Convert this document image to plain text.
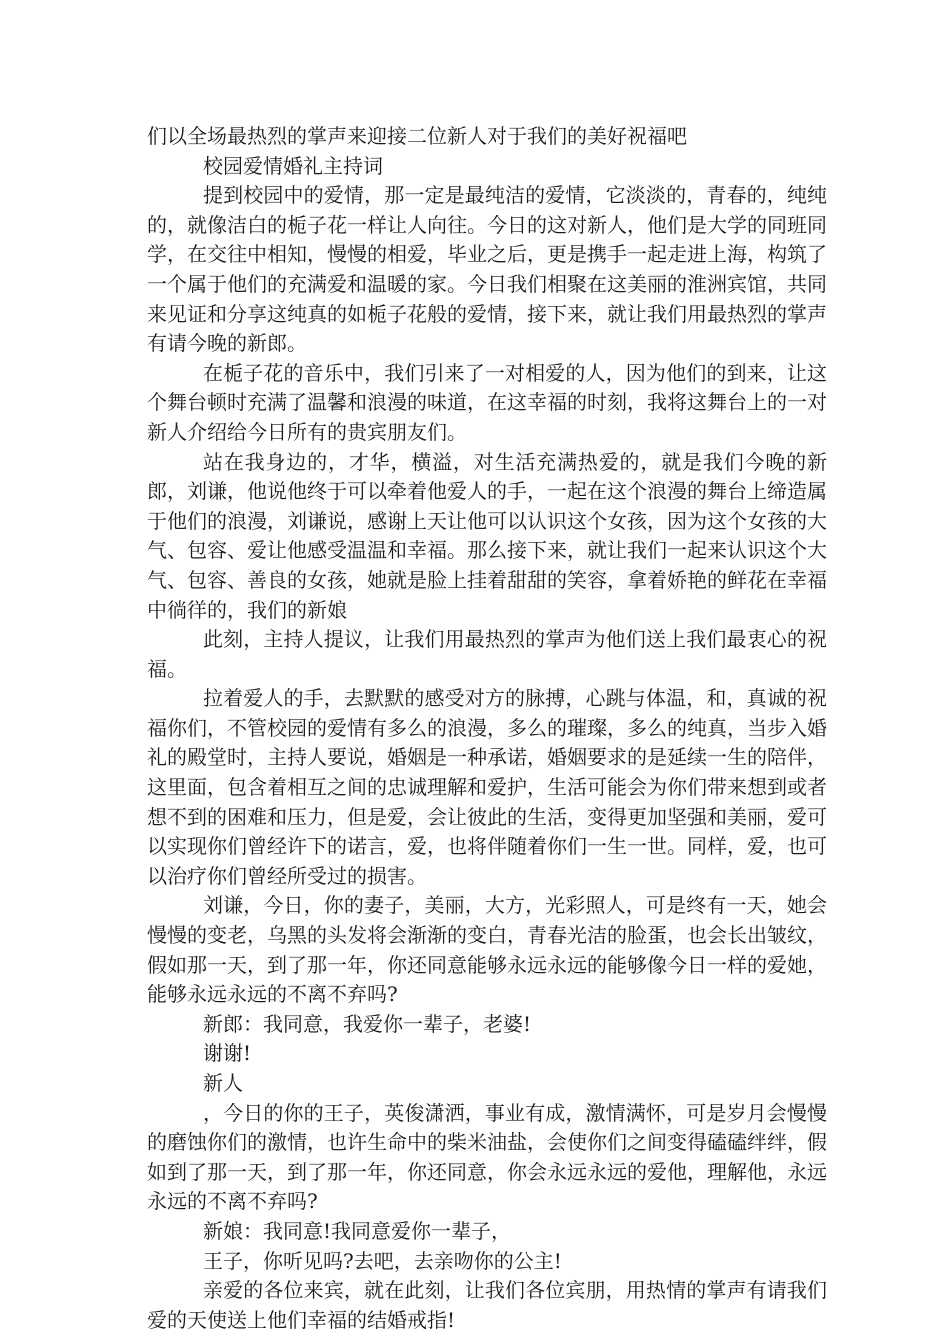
们以全场最热烈的掌声来迎接二位新人对于我们的美好祝福吧

校园爱情婚礼主持词

提到校园中的爱情，那一定是最纯洁的爱情，它淡淡的，青春的，纯纯的，就像洁白的栀子花一样让人向往。今日的这对新人，他们是大学的同班同学，在交往中相知，慢慢的相爱，毕业之后，更是携手一起走进上海，构筑了一个属于他们的充满爱和温暖的家。今日我们相聚在这美丽的淮洲宾馆，共同来见证和分享这纯真的如栀子花般的爱情，接下来，就让我们用最热烈的掌声有请今晚的新郎。

在栀子花的音乐中，我们引来了一对相爱的人，因为他们的到来，让这个舞台顿时充满了温馨和浪漫的味道，在这幸福的时刻，我将这舞台上的一对新人介绍给今日所有的贵宾朋友们。

站在我身边的，才华，横溢，对生活充满热爱的，就是我们今晚的新郎，刘谦，他说他终于可以牵着他爱人的手，一起在这个浪漫的舞台上缔造属于他们的浪漫，刘谦说，感谢上天让他可以认识这个女孩，因为这个女孩的大气、包容、爱让他感受温温和幸福。那么接下来，就让我们一起来认识这个大气、包容、善良的女孩，她就是脸上挂着甜甜的笑容，拿着娇艳的鲜花在幸福中徜徉的，我们的新娘

此刻，主持人提议，让我们用最热烈的掌声为他们送上我们最衷心的祝福。

拉着爱人的手，去默默的感受对方的脉搏，心跳与体温，和，真诚的祝福你们，不管校园的爱情有多么的浪漫，多么的璀璨，多么的纯真，当步入婚礼的殿堂时，主持人要说，婚姻是一种承诺，婚姻要求的是延续一生的陪伴，这里面，包含着相互之间的忠诚理解和爱护，生活可能会为你们带来想到或者想不到的困难和压力，但是爱，会让彼此的生活，变得更加坚强和美丽，爱可以实现你们曾经许下的诺言，爱，也将伴随着你们一生一世。同样，爱，也可以治疗你们曾经所受过的损害。

刘谦，今日，你的妻子，美丽，大方，光彩照人，可是终有一天，她会慢慢的变老，乌黑的头发将会渐渐的变白，青春光洁的脸蛋，也会长出皱纹，假如那一天，到了那一年，你还同意能够永远永远的能够像今日一样的爱她，能够永远永远的不离不弃吗?

新郎：我同意，我爱你一辈子，老婆!

谢谢!

新人

，今日的你的王子，英俊潇洒，事业有成，激情满怀，可是岁月会慢慢的磨蚀你们的激情，也许生命中的柴米油盐，会使你们之间变得磕磕绊绊，假如到了那一天，到了那一年，你还同意，你会永远永远的爱他，理解他，永远永远的不离不弃吗?

新娘：我同意!我同意爱你一辈子，

王子，你听见吗?去吧，去亲吻你的公主!

亲爱的各位来宾，就在此刻，让我们各位宾朋，用热情的掌声有请我们爱的天使送上他们幸福的结婚戒指!
